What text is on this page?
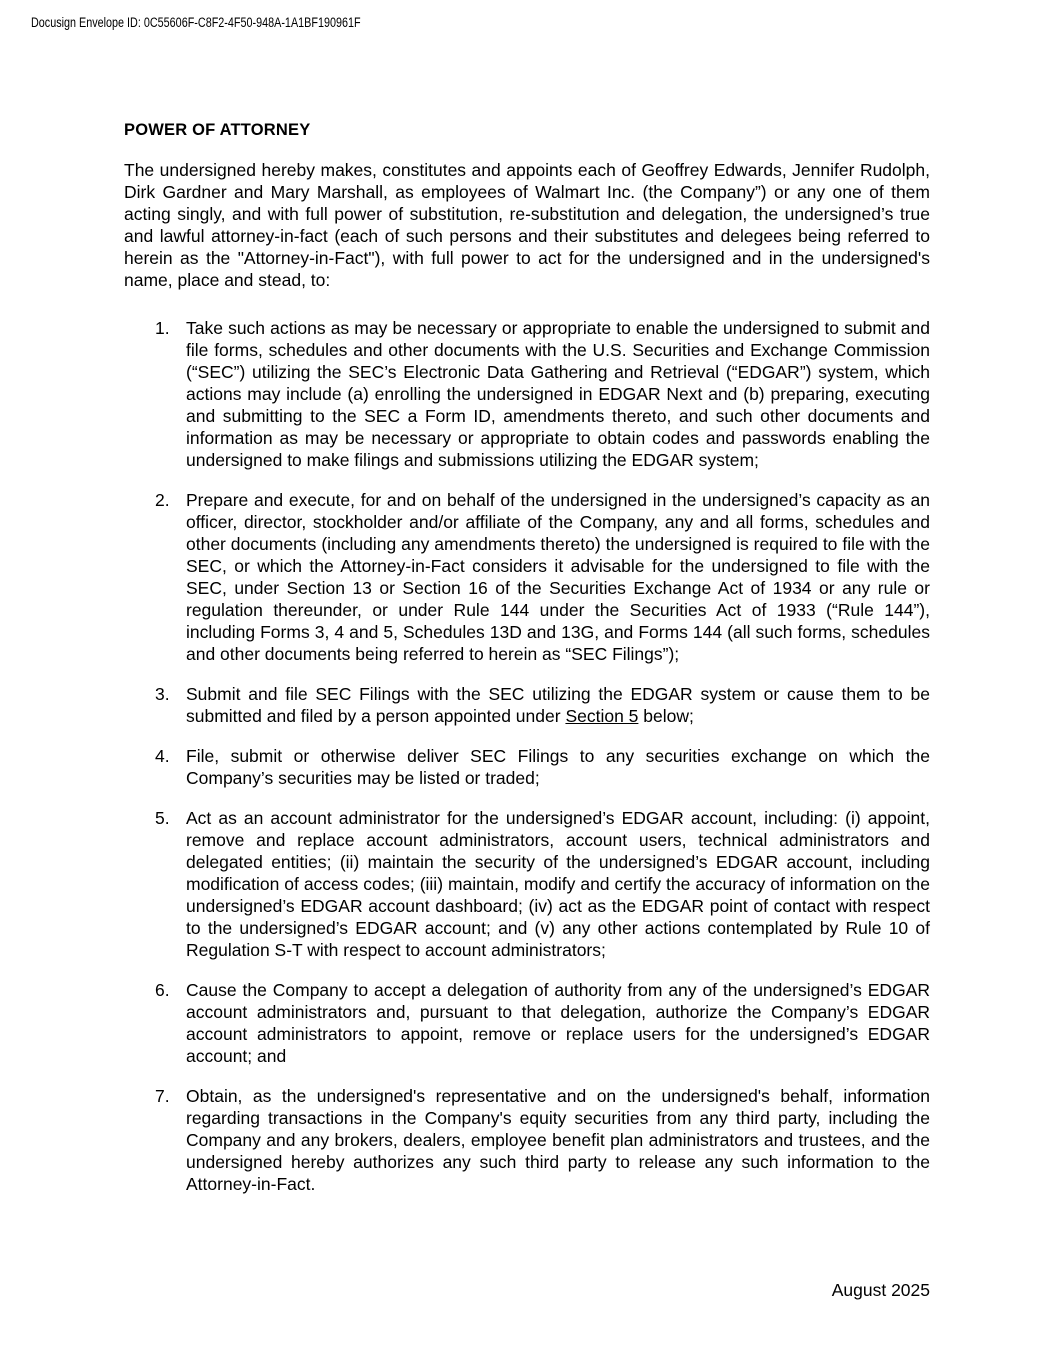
Docusign Envelope ID: 0C55606F-C8F2-4F50-948A-1A1BF190961F
POWER OF ATTORNEY

The undersigned hereby makes, constitutes and appoints each of Geoffrey Edwards, Jennifer Rudolph, Dirk Gardner and Mary Marshall, as employees of Walmart Inc. (the Company”) or any one of them acting singly, and with full power of substitution, re-substitution and delegation, the undersigned’s true and lawful attorney-in-fact (each of such persons and their substitutes and delegees being referred to herein as the "Attorney-in-Fact"), with full power to act for the undersigned and in the undersigned's name, place and stead, to:

1. Take such actions as may be necessary or appropriate to enable the undersigned to submit and file forms, schedules and other documents with the U.S. Securities and Exchange Commission (“SEC”) utilizing the SEC’s Electronic Data Gathering and Retrieval (“EDGAR”) system, which actions may include (a) enrolling the undersigned in EDGAR Next and (b) preparing, executing and submitting to the SEC a Form ID, amendments thereto, and such other documents and information as may be necessary or appropriate to obtain codes and passwords enabling the undersigned to make filings and submissions utilizing the EDGAR system;
2. Prepare and execute, for and on behalf of the undersigned in the undersigned’s capacity as an officer, director, stockholder and/or affiliate of the Company, any and all forms, schedules and other documents (including any amendments thereto) the undersigned is required to file with the SEC, or which the Attorney-in-Fact considers it advisable for the undersigned to file with the SEC, under Section 13 or Section 16 of the Securities Exchange Act of 1934 or any rule or regulation thereunder, or under Rule 144 under the Securities Act of 1933 (“Rule 144”), including Forms 3, 4 and 5, Schedules 13D and 13G, and Forms 144 (all such forms, schedules and other documents being referred to herein as “SEC Filings”);
3. Submit and file SEC Filings with the SEC utilizing the EDGAR system or cause them to be submitted and filed by a person appointed under Section 5 below;
4. File, submit or otherwise deliver SEC Filings to any securities exchange on which the Company’s securities may be listed or traded;
5. Act as an account administrator for the undersigned’s EDGAR account, including: (i) appoint, remove and replace account administrators, account users, technical administrators and delegated entities; (ii) maintain the security of the undersigned’s EDGAR account, including modification of access codes; (iii) maintain, modify and certify the accuracy of information on the undersigned’s EDGAR account dashboard; (iv) act as the EDGAR point of contact with respect to the undersigned’s EDGAR account; and (v) any other actions contemplated by Rule 10 of Regulation S-T with respect to account administrators;
6. Cause the Company to accept a delegation of authority from any of the undersigned’s EDGAR account administrators and, pursuant to that delegation, authorize the Company’s EDGAR account administrators to appoint, remove or replace users for the undersigned’s EDGAR account; and
7. Obtain, as the undersigned's representative and on the undersigned's behalf, information regarding transactions in the Company's equity securities from any third party, including the Company and any brokers, dealers, employee benefit plan administrators and trustees, and the undersigned hereby authorizes any such third party to release any such information to the Attorney-in-Fact.
August 2025
